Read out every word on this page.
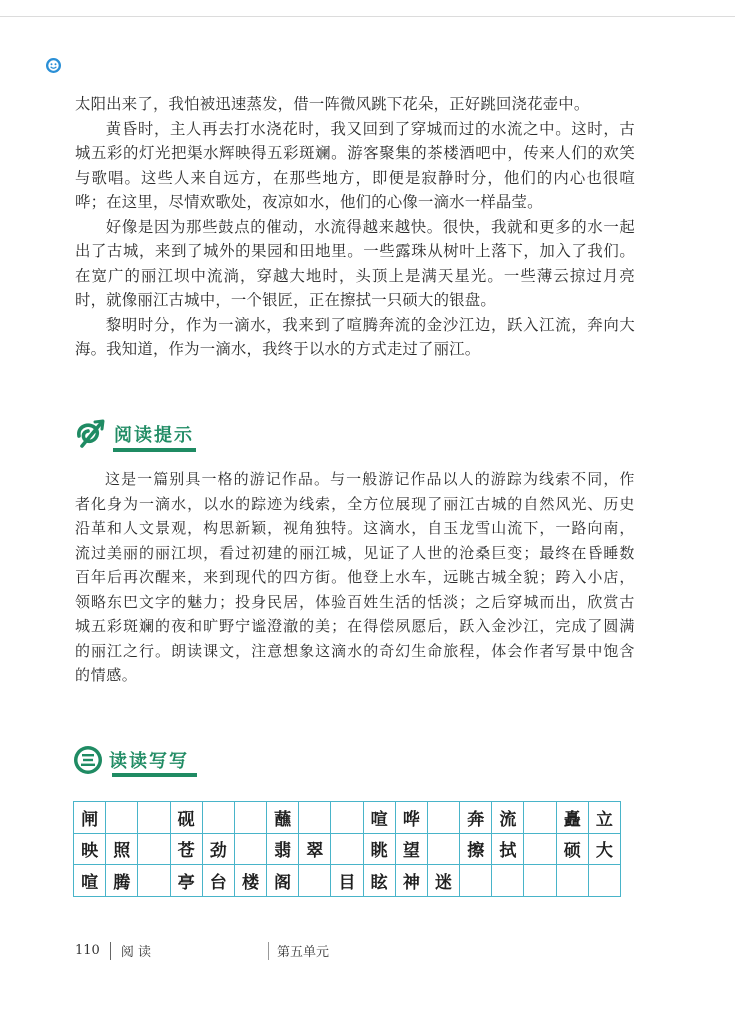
太阳出来了，我怕被迅速蒸发，借一阵微风跳下花朵，正好跳回浇花壶中。

黄昏时，主人再去打水浇花时，我又回到了穿城而过的水流之中。这时，古城五彩的灯光把渠水辉映得五彩斑斓。游客聚集的茶楼酒吧中，传来人们的欢笑与歌唱。这些人来自远方，在那些地方，即便是寂静时分，他们的内心也很喧哗；在这里，尽情欢歌处，夜凉如水，他们的心像一滴水一样晶莹。

好像是因为那些鼓点的催动，水流得越来越快。很快，我就和更多的水一起出了古城，来到了城外的果园和田地里。一些露珠从树叶上落下，加入了我们。在宽广的丽江坝中流淌，穿越大地时，头顶上是满天星光。一些薄云掠过月亮时，就像丽江古城中，一个银匠，正在擦拭一只硕大的银盘。

黎明时分，作为一滴水，我来到了喧腾奔流的金沙江边，跃入江流，奔向大海。我知道，作为一滴水，我终于以水的方式走过了丽江。

阅读提示

这是一篇别具一格的游记作品。与一般游记作品以人的游踪为线索不同，作者化身为一滴水，以水的踪迹为线索，全方位展现了丽江古城的自然风光、历史沿革和人文景观，构思新颖，视角独特。这滴水，自玉龙雪山流下，一路向南，流过美丽的丽江坝，看过初建的丽江城，见证了人世的沧桑巨变；最终在昏睡数百年后再次醒来，来到现代的四方街。他登上水车，远眺古城全貌；跨入小店，领略东巴文字的魅力；投身民居，体验百姓生活的恬淡；之后穿城而出，欣赏古城五彩斑斓的夜和旷野宁谧澄澈的美；在得偿夙愿后，跃入金沙江，完成了圆满的丽江之行。朗读课文，注意想象这滴水的奇幻生命旅程，体会作者写景中饱含的情感。

读读写写
闸	砚	蘸	喧 哗	奔 流	矗 立
映 照	苍 劲	翡 翠	眺 望	擦 拭	硕 大
喧 腾	亭 台 楼 阁	目 眩 神 迷
110 阅 读	第五单元
